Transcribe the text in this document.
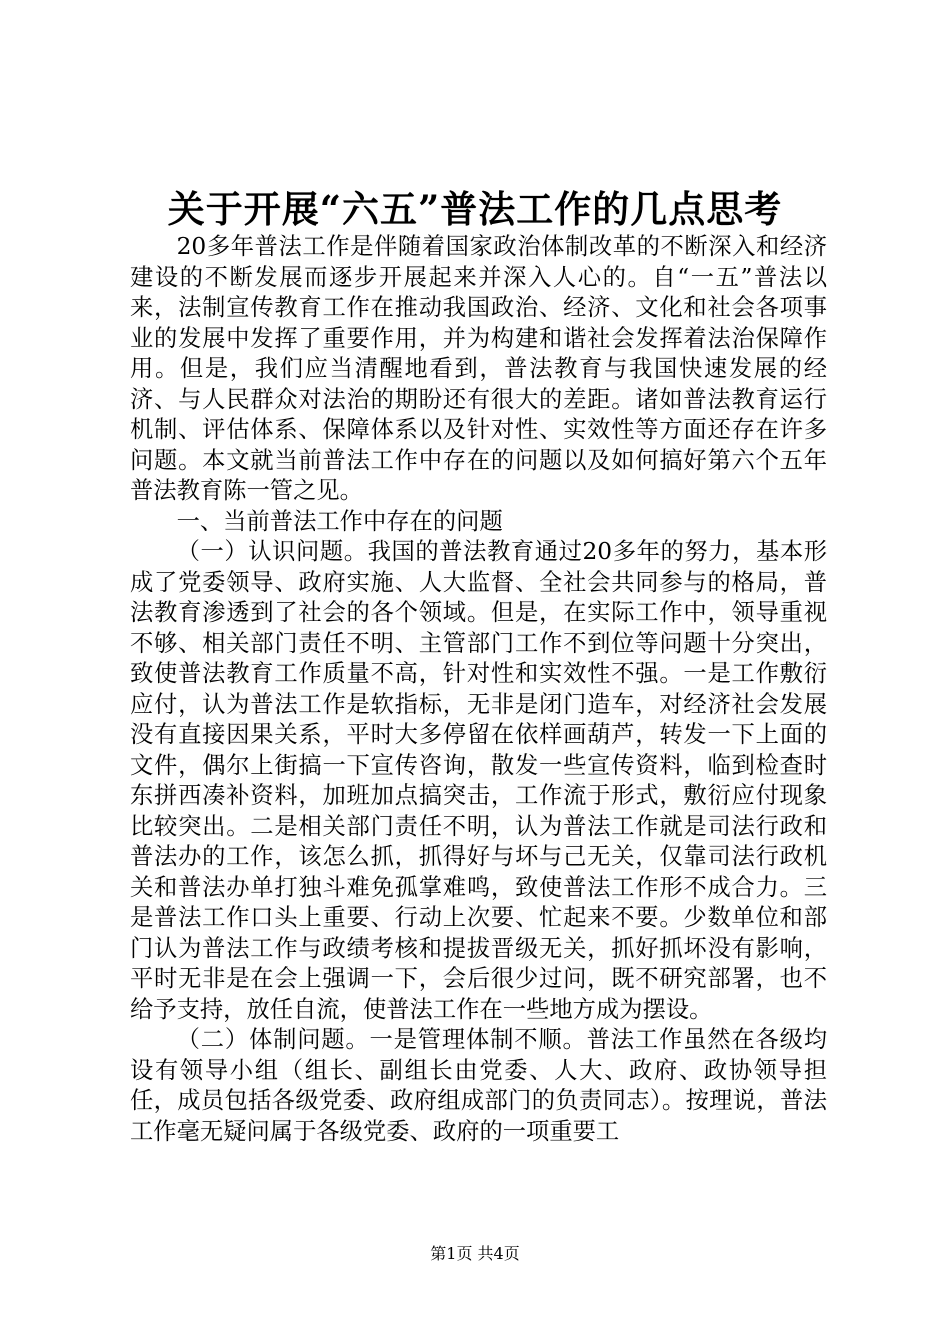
关于开展“六五”普法工作的几点思考

20多年普法工作是伴随着国家政治体制改革的不断深入和经济建设的不断发展而逐步开展起来并深入人心的。自“一五”普法以来，法制宣传教育工作在推动我国政治、经济、文化和社会各项事业的发展中发挥了重要作用，并为构建和谐社会发挥着法治保障作用。但是，我们应当清醒地看到，普法教育与我国快速发展的经济、与人民群众对法治的期盼还有很大的差距。诸如普法教育运行机制、评估体系、保障体系以及针对性、实效性等方面还存在许多问题。本文就当前普法工作中存在的问题以及如何搞好第六个五年普法教育陈一管之见。

一、当前普法工作中存在的问题

（一）认识问题。我国的普法教育通过20多年的努力，基本形成了党委领导、政府实施、人大监督、全社会共同参与的格局，普法教育渗透到了社会的各个领域。但是，在实际工作中，领导重视不够、相关部门责任不明、主管部门工作不到位等问题十分突出，致使普法教育工作质量不高，针对性和实效性不强。一是工作敷衍应付，认为普法工作是软指标，无非是闭门造车，对经济社会发展没有直接因果关系，平时大多停留在依样画葫芦，转发一下上面的文件，偶尔上街搞一下宣传咨询，散发一些宣传资料，临到检查时东拼西凑补资料，加班加点搞突击，工作流于形式，敷衍应付现象比较突出。二是相关部门责任不明，认为普法工作就是司法行政和普法办的工作，该怎么抓，抓得好与坏与己无关，仅靠司法行政机关和普法办单打独斗难免孤掌难鸣，致使普法工作形不成合力。三是普法工作口头上重要、行动上次要、忙起来不要。少数单位和部门认为普法工作与政绩考核和提拔晋级无关，抓好抓坏没有影响，平时无非是在会上强调一下，会后很少过问，既不研究部署，也不给予支持，放任自流，使普法工作在一些地方成为摆设。

（二）体制问题。一是管理体制不顺。普法工作虽然在各级均设有领导小组（组长、副组长由党委、人大、政府、政协领导担任，成员包括各级党委、政府组成部门的负责同志）。按理说，普法工作毫无疑问属于各级党委、政府的一项重要工

第1页 共4页
